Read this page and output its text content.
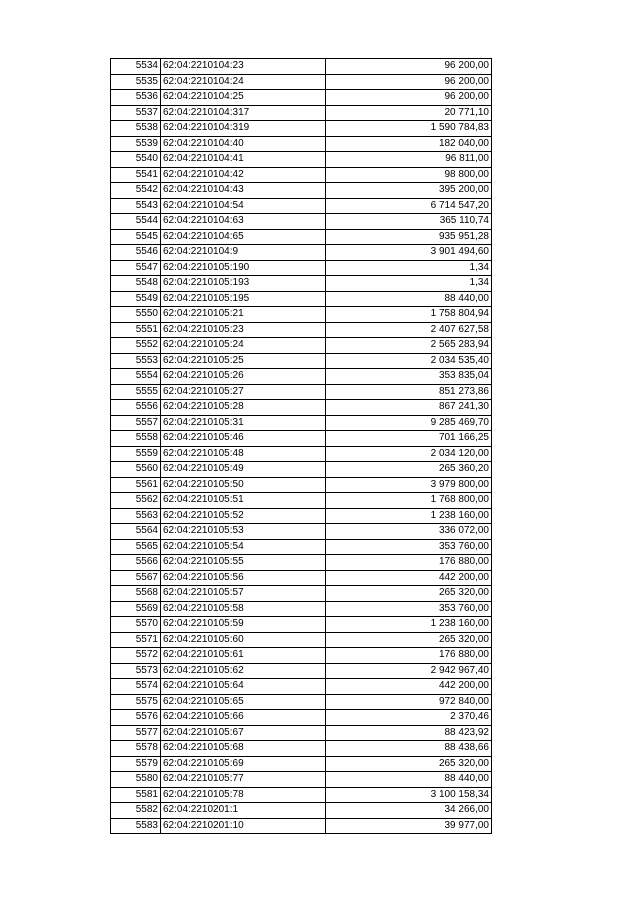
5534	62:04:2210104:23	96 200,00
5535	62:04:2210104:24	96 200,00
5536	62:04:2210104:25	96 200,00
5537	62:04:2210104:317	20 771,10
5538	62:04:2210104:319	1 590 784,83
5539	62:04:2210104:40	182 040,00
5540	62:04:2210104:41	96 811,00
5541	62:04:2210104:42	98 800,00
5542	62:04:2210104:43	395 200,00
5543	62:04:2210104:54	6 714 547,20
5544	62:04:2210104:63	365 110,74
5545	62:04:2210104:65	935 951,28
5546	62:04:2210104:9	3 901 494,60
5547	62:04:2210105:190	1,34
5548	62:04:2210105:193	1,34
5549	62:04:2210105:195	88 440,00
5550	62:04:2210105:21	1 758 804,94
5551	62:04:2210105:23	2 407 627,58
5552	62:04:2210105:24	2 565 283,94
5553	62:04:2210105:25	2 034 535,40
5554	62:04:2210105:26	353 835,04
5555	62:04:2210105:27	851 273,86
5556	62:04:2210105:28	867 241,30
5557	62:04:2210105:31	9 285 469,70
5558	62:04:2210105:46	701 166,25
5559	62:04:2210105:48	2 034 120,00
5560	62:04:2210105:49	265 360,20
5561	62:04:2210105:50	3 979 800,00
5562	62:04:2210105:51	1 768 800,00
5563	62:04:2210105:52	1 238 160,00
5564	62:04:2210105:53	336 072,00
5565	62:04:2210105:54	353 760,00
5566	62:04:2210105:55	176 880,00
5567	62:04:2210105:56	442 200,00
5568	62:04:2210105:57	265 320,00
5569	62:04:2210105:58	353 760,00
5570	62:04:2210105:59	1 238 160,00
5571	62:04:2210105:60	265 320,00
5572	62:04:2210105:61	176 880,00
5573	62:04:2210105:62	2 942 967,40
5574	62:04:2210105:64	442 200,00
5575	62:04:2210105:65	972 840,00
5576	62:04:2210105:66	2 370,46
5577	62:04:2210105:67	88 423,92
5578	62:04:2210105:68	88 438,66
5579	62:04:2210105:69	265 320,00
5580	62:04:2210105:77	88 440,00
5581	62:04:2210105:78	3 100 158,34
5582	62:04:2210201:1	34 266,00
5583	62:04:2210201:10	39 977,00
